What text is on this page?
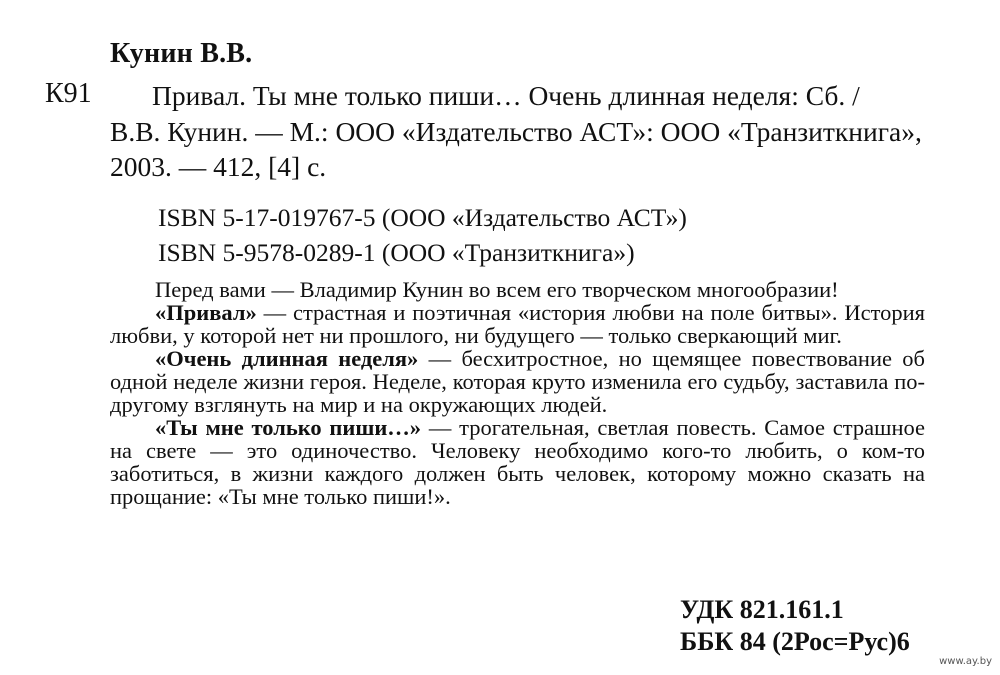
Кунин В.В.
К91	Привал. Ты мне только пиши… Очень длинная неделя: Сб. /
В.В. Кунин. — М.: ООО «Издательство АСТ»: ООО «Транзиткнига»,
2003. — 412, [4] с.
ISBN 5-17-019767-5 (ООО «Издательство АСТ»)
ISBN 5-9578-0289-1 (ООО «Транзиткнига»)

Перед вами — Владимир Кунин во всем его творческом многообразии!

«Привал» — страстная и поэтичная «история любви на поле битвы». История любви, у которой нет ни прошлого, ни будущего — только сверкающий миг.

«Очень длинная неделя» — бесхитростное, но щемящее повествование об одной неделе жизни героя. Неделе, которая круто изменила его судьбу, заставила по-другому взглянуть на мир и на окружающих людей.

«Ты мне только пиши…» — трогательная, светлая повесть. Самое страшное на свете — это одиночество. Человеку необходимо кого-то любить, о ком-то заботиться, в жизни каждого должен быть человек, которому можно сказать на прощание: «Ты мне только пиши!».

УДК 821.161.1
ББК 84 (2Рос=Рус)6
www.ay.by
